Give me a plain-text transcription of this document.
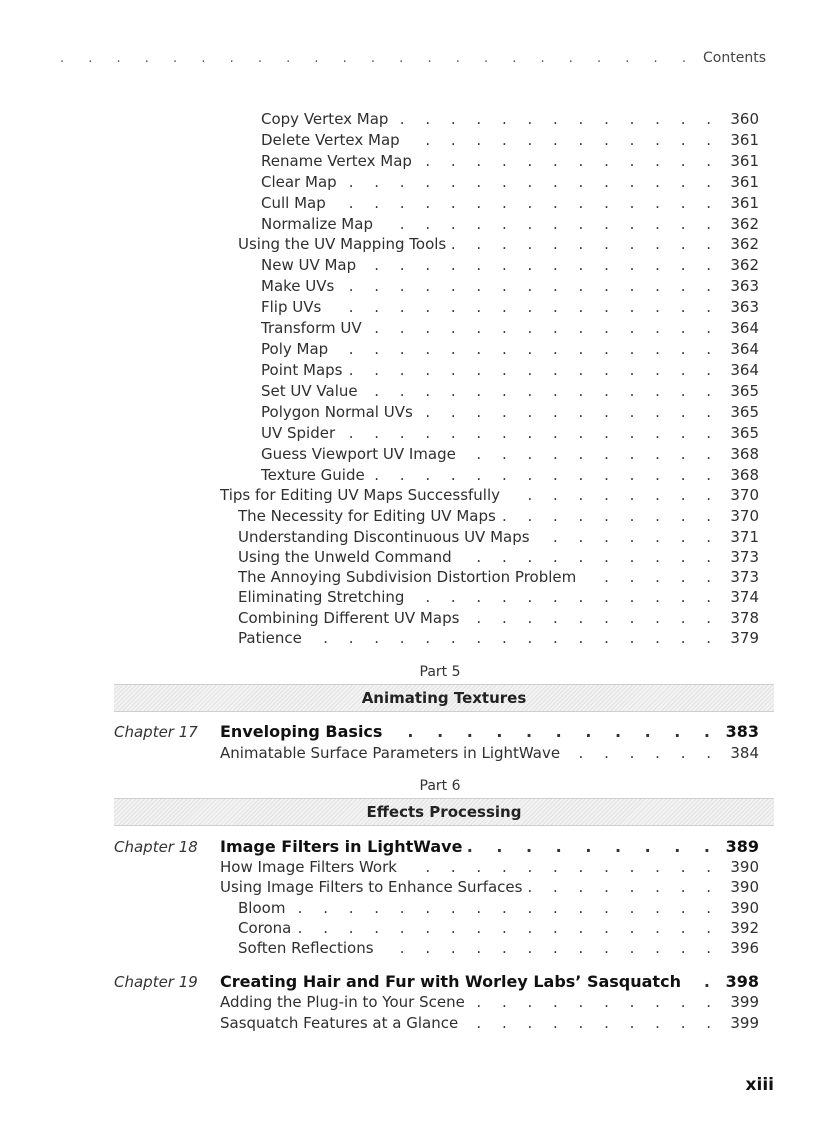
. . .
Contents
Copy Vertex Map . . .	360
Delete Vertex Map . . .	361
Rename Vertex Map . . .	361
Clear Map . . .	361
Cull Map . . .	361
Normalize Map . . .	362
Using the UV Mapping Tools . . .	362
New UV Map . . .	362
Make UVs . . .	363
Flip UVs . . .	363
Transform UV . . .	364
Poly Map . . .	364
Point Maps . . .	364
Set UV Value . . .	365
Polygon Normal UVs . . .	365
UV Spider . . .	365
Guess Viewport UV Image . . .	368
Texture Guide . . .	368
Tips for Editing UV Maps Successfully . . .	370
The Necessity for Editing UV Maps . . .	370
Understanding Discontinuous UV Maps . . .	371
Using the Unweld Command . . .	373
The Annoying Subdivision Distortion Problem . . .	373
Eliminating Stretching . . .	374
Combining Different UV Maps . . .	378
Patience . . .	379
Part 5
Animating Textures
Chapter 17 Enveloping Basics . . .	383
Animatable Surface Parameters in LightWave . . .	384
Part 6
Effects Processing
Chapter 18 Image Filters in LightWave . . .	389
How Image Filters Work . . .	390
Using Image Filters to Enhance Surfaces . . .	390
Bloom . . .	390
Corona . . .	392
Soften Reflections . . .	396
Chapter 19 Creating Hair and Fur with Worley Labs’ Sasquatch . . .	398
Adding the Plug-in to Your Scene . . .	399
Sasquatch Features at a Glance . . .	399
xiii
